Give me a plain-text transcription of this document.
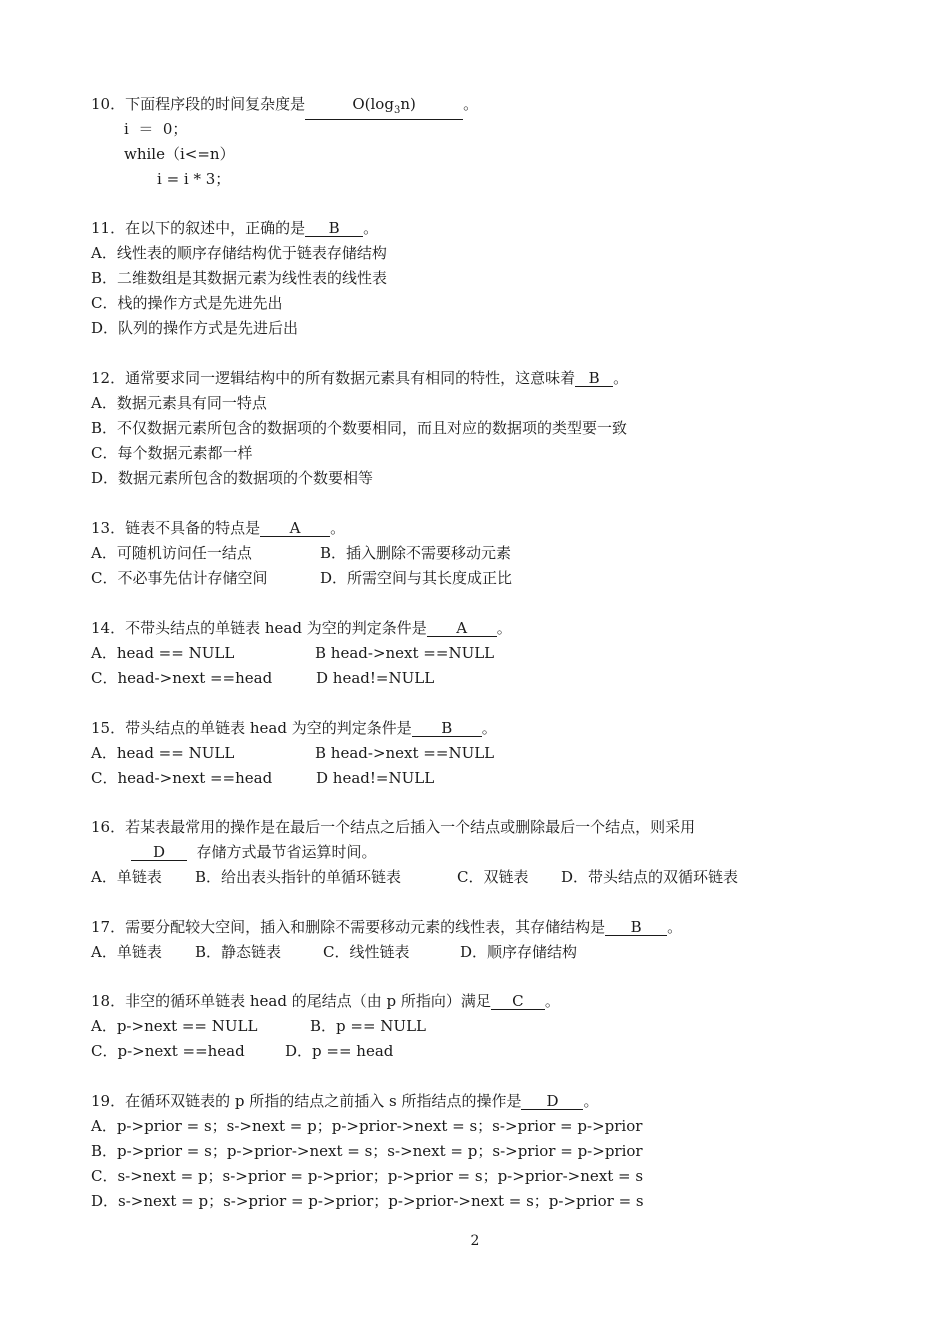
10．下面程序段的时间复杂度是	$O(\log_3n)$	。
i  ＝  0；
while（i<=n）
i = i * 3；
11．在以下的叙述中，正确的是 B 。
A．线性表的顺序存储结构优于链表存储结构
B．二维数组是其数据元素为线性表的线性表
C．栈的操作方式是先进先出
D．队列的操作方式是先进后出
12．通常要求同一逻辑结构中的所有数据元素具有相同的特性，这意味着 B 。
A．数据元素具有同一特点
B．不仅数据元素所包含的数据项的个数要相同，而且对应的数据项的类型要一致
C．每个数据元素都一样
D．数据元素所包含的数据项的个数要相等
13．链表不具备的特点是 A 。
A．可随机访问任一结点	B．插入删除不需要移动元素
C．不必事先估计存储空间	D．所需空间与其长度成正比
14．不带头结点的单链表 head 为空的判定条件是 A 。
A．head == NULL	B head->next ==NULL
C．head->next ==head	D head!=NULL
15．带头结点的单链表 head 为空的判定条件是 B 。
A．head == NULL	B head->next ==NULL
C．head->next ==head	D head!=NULL
16．若某表最常用的操作是在最后一个结点之后插入一个结点或删除最后一个结点，则采用
D 存储方式最节省运算时间。
A．单链表 B．给出表头指针的单循环链表	C．双链表 D．带头结点的双循环链表
17．需要分配较大空间，插入和删除不需要移动元素的线性表，其存储结构是 B 。
A．单链表 B．静态链表	C．线性链表	D．顺序存储结构
18．非空的循环单链表 head 的尾结点（由 p 所指向）满足 C 。
A．p->next == NULL	B．p == NULL
C．p->next ==head	D．p == head
19．在循环双链表的 p 所指的结点之前插入 s 所指结点的操作是 D 。
A．p->prior = s；s->next = p；p->prior->next = s；s->prior = p->prior
B．p->prior = s；p->prior->next = s；s->next = p；s->prior = p->prior
C．s->next = p；s->prior = p->prior；p->prior = s；p->prior->next = s
D．s->next = p；s->prior = p->prior；p->prior->next = s；p->prior = s
2
